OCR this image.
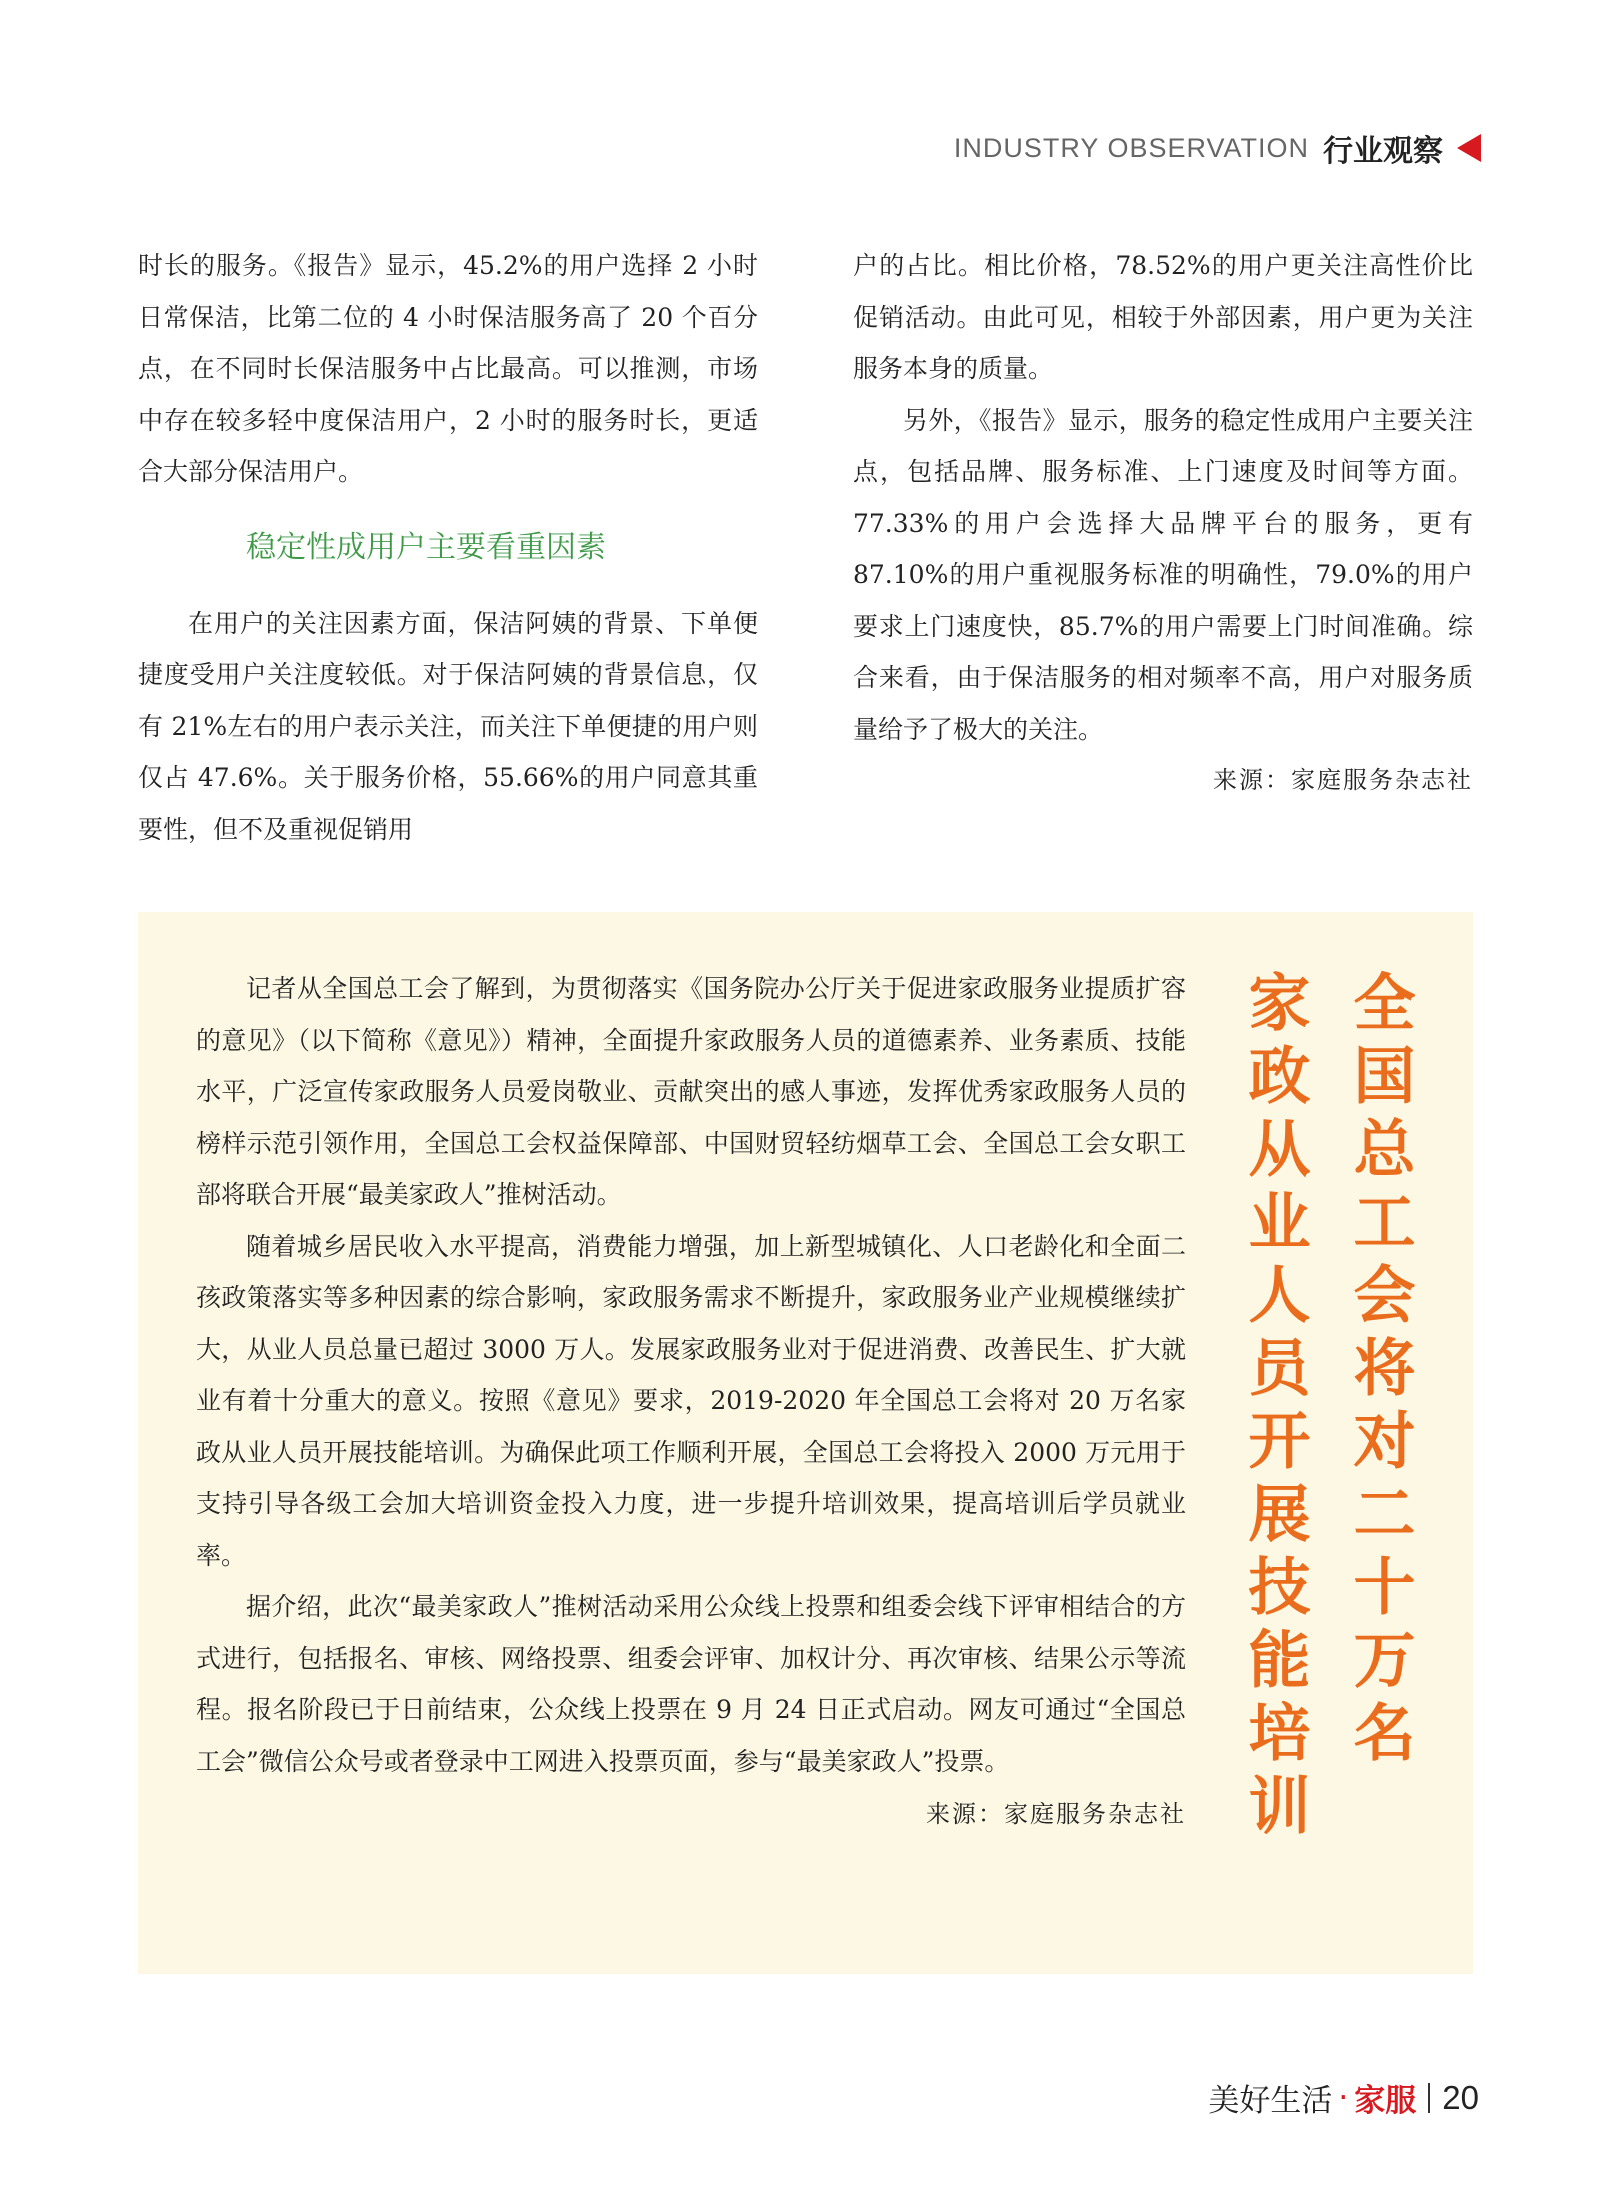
INDUSTRY OBSERVATION 行业观察

时长的服务。《报告》显示，45.2%的用户选择 2 小时日常保洁，比第二位的 4 小时保洁服务高了 20 个百分点，在不同时长保洁服务中占比最高。可以推测，市场中存在较多轻中度保洁用户，2 小时的服务时长，更适合大部分保洁用户。

稳定性成用户主要看重因素

在用户的关注因素方面，保洁阿姨的背景、下单便捷度受用户关注度较低。对于保洁阿姨的背景信息，仅有 21%左右的用户表示关注，而关注下单便捷的用户则仅占 47.6%。关于服务价格，55.66%的用户同意其重要性，但不及重视促销用

户的占比。相比价格，78.52%的用户更关注高性价比促销活动。由此可见，相较于外部因素，用户更为关注服务本身的质量。

另外，《报告》显示，服务的稳定性成用户主要关注点，包括品牌、服务标准、上门速度及时间等方面。77.33%的用户会选择大品牌平台的服务，更有 87.10%的用户重视服务标准的明确性，79.0%的用户要求上门速度快，85.7%的用户需要上门时间准确。综合来看，由于保洁服务的相对频率不高，用户对服务质量给予了极大的关注。

来源：家庭服务杂志社

记者从全国总工会了解到，为贯彻落实《国务院办公厅关于促进家政服务业提质扩容的意见》（以下简称《意见》）精神，全面提升家政服务人员的道德素养、业务素质、技能水平，广泛宣传家政服务人员爱岗敬业、贡献突出的感人事迹，发挥优秀家政服务人员的榜样示范引领作用，全国总工会权益保障部、中国财贸轻纺烟草工会、全国总工会女职工部将联合开展“最美家政人”推树活动。

随着城乡居民收入水平提高，消费能力增强，加上新型城镇化、人口老龄化和全面二孩政策落实等多种因素的综合影响，家政服务需求不断提升，家政服务业产业规模继续扩大，从业人员总量已超过 3000 万人。发展家政服务业对于促进消费、改善民生、扩大就业有着十分重大的意义。按照《意见》要求，2019-2020 年全国总工会将对 20 万名家政从业人员开展技能培训。为确保此项工作顺利开展，全国总工会将投入 2000 万元用于支持引导各级工会加大培训资金投入力度，进一步提升培训效果，提高培训后学员就业率。

据介绍，此次“最美家政人”推树活动采用公众线上投票和组委会线下评审相结合的方式进行，包括报名、审核、网络投票、组委会评审、加权计分、再次审核、结果公示等流程。报名阶段已于日前结束，公众线上投票在 9 月 24 日正式启动。网友可通过“全国总工会”微信公众号或者登录中工网进入投票页面，参与“最美家政人”投票。

来源：家庭服务杂志社
全国总工会将对二十万名
家政从业人员开展技能培训
美好生活 · 家服 20
